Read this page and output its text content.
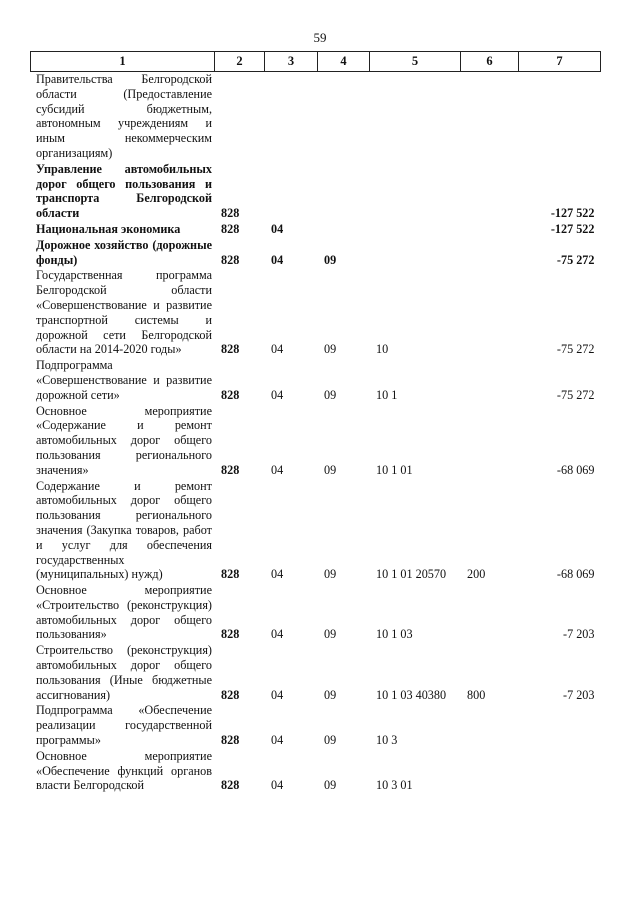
59
1	2	3	4	5	6	7
Правительства Белгородской области (Предоставление субсидий бюджетным, автономным учреждениям и иным некоммерческим организациям)						
Управление автомобильных дорог общего пользования и транспорта Белгородской области	828					-127 522
Национальная экономика	828	04				-127 522
Дорожное хозяйство (дорожные фонды)	828	04	09			-75 272
Государственная программа Белгородской области «Совершенствование и развитие транспортной системы и дорожной сети Белгородской области на 2014-2020 годы»	828	04	09	10		-75 272
Подпрограмма «Совершенствование и развитие дорожной сети»	828	04	09	10 1		-75 272
Основное мероприятие «Содержание и ремонт автомобильных дорог общего пользования регионального значения»	828	04	09	10 1 01		-68 069
Содержание и ремонт автомобильных дорог общего пользования регионального значения (Закупка товаров, работ и услуг для обеспечения государственных (муниципальных) нужд)	828	04	09	10 1 01 20570	200	-68 069
Основное мероприятие «Строительство (реконструкция) автомобильных дорог общего пользования»	828	04	09	10 1 03		-7 203
Строительство (реконструкция) автомобильных дорог общего пользования (Иные бюджетные ассигнования)	828	04	09	10 1 03 40380	800	-7 203
Подпрограмма «Обеспечение реализации государственной программы»	828	04	09	10 3		
Основное мероприятие «Обеспечение функций органов власти Белгородской	828	04	09	10 3 01		
